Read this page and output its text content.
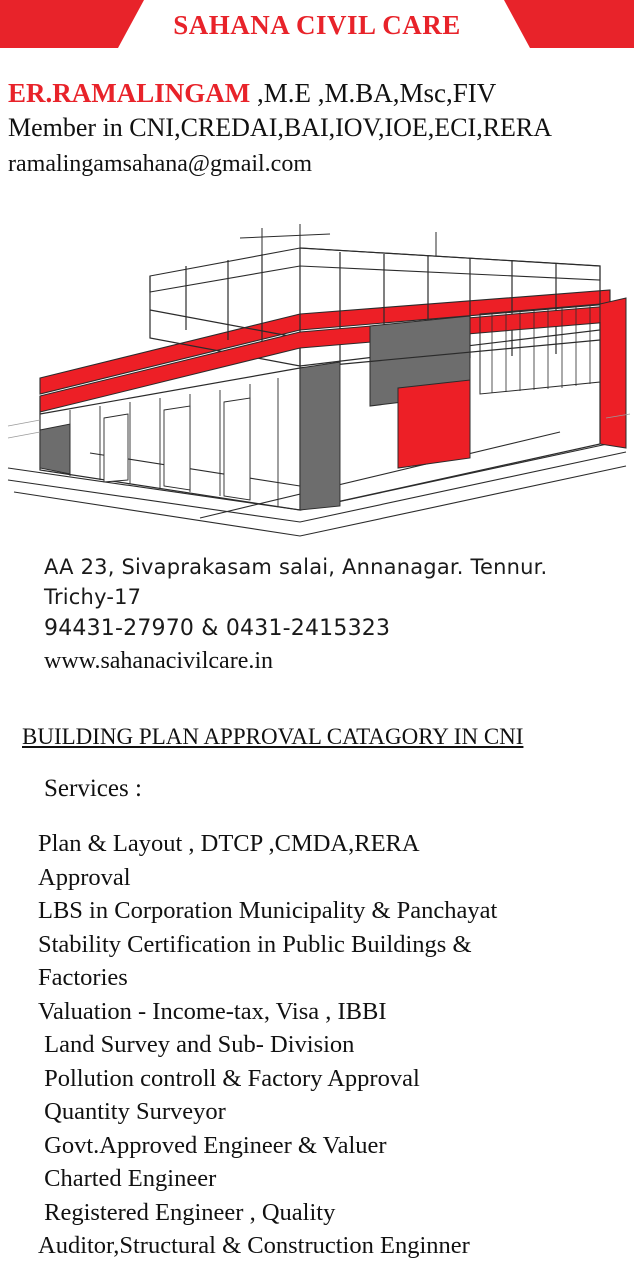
SAHANA CIVIL CARE
ER.RAMALINGAM ,M.E ,M.BA,Msc,FIV
Member in CNI,CREDAI,BAI,IOV,IOE,ECI,RERA
ramalingamsahana@gmail.com
AA 23, Sivaprakasam salai, Annanagar. Tennur.
Trichy-17
94431-27970 & 0431-2415323
www.sahanacivilcare.in
BUILDING PLAN APPROVAL CATAGORY IN CNI
Services :
Plan & Layout , DTCP ,CMDA,RERA
Approval
LBS in Corporation Municipality & Panchayat
Stability Certification in Public Buildings &
Factories
Valuation - Income-tax, Visa , IBBI
Land Survey and Sub- Division
Pollution controll & Factory Approval
Quantity Surveyor
Govt.Approved Engineer & Valuer
Charted Engineer
Registered Engineer , Quality
Auditor,Structural & Construction Enginner
